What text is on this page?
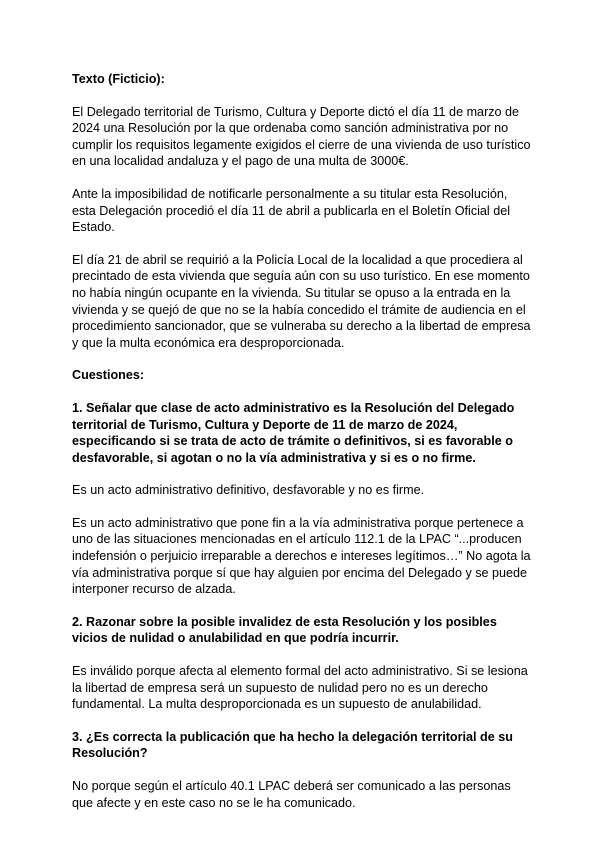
Texto (Ficticio):

El Delegado territorial de Turismo, Cultura y Deporte dictó el día 11 de marzo de 2024 una Resolución por la que ordenaba como sanción administrativa por no cumplir los requisitos legamente exigidos el cierre de una vivienda de uso turístico en una localidad andaluza y el pago de una multa de 3000€.

Ante la imposibilidad de notificarle personalmente a su titular esta Resolución, esta Delegación procedió el día 11 de abril a publicarla en el Boletín Oficial del Estado.

El día 21 de abril se requirió a la Policía Local de la localidad a que procediera al precintado de esta vivienda que seguía aún con su uso turístico. En ese momento no había ningún ocupante en la vivienda. Su titular se opuso a la entrada en la vivienda y se quejó de que no se la había concedido el trámite de audiencia en el procedimiento sancionador, que se vulneraba su derecho a la libertad de empresa y que la multa económica era desproporcionada.

Cuestiones:

1. Señalar que clase de acto administrativo es la Resolución del Delegado territorial de Turismo, Cultura y Deporte de 11 de marzo de 2024, especificando si se trata de acto de trámite o definitivos, si es favorable o desfavorable, si agotan o no la vía administrativa y si es o no firme.

Es un acto administrativo definitivo, desfavorable y no es firme.

Es un acto administrativo que pone fin a la vía administrativa porque pertenece a uno de las situaciones mencionadas en el artículo 112.1 de la LPAC “...producen indefensión o perjuicio irreparable a derechos e intereses legítimos…” No agota la vía administrativa porque sí que hay alguien por encima del Delegado y se puede interponer recurso de alzada.

2. Razonar sobre la posible invalidez de esta Resolución y los posibles vicios de nulidad o anulabilidad en que podría incurrir.

Es inválido porque afecta al elemento formal del acto administrativo. Si se lesiona la libertad de empresa será un supuesto de nulidad pero no es un derecho fundamental. La multa desproporcionada es un supuesto de anulabilidad.

3. ¿Es correcta la publicación que ha hecho la delegación territorial de su Resolución?

No porque según el artículo 40.1 LPAC deberá ser comunicado a las personas que afecte y en este caso no se le ha comunicado.
